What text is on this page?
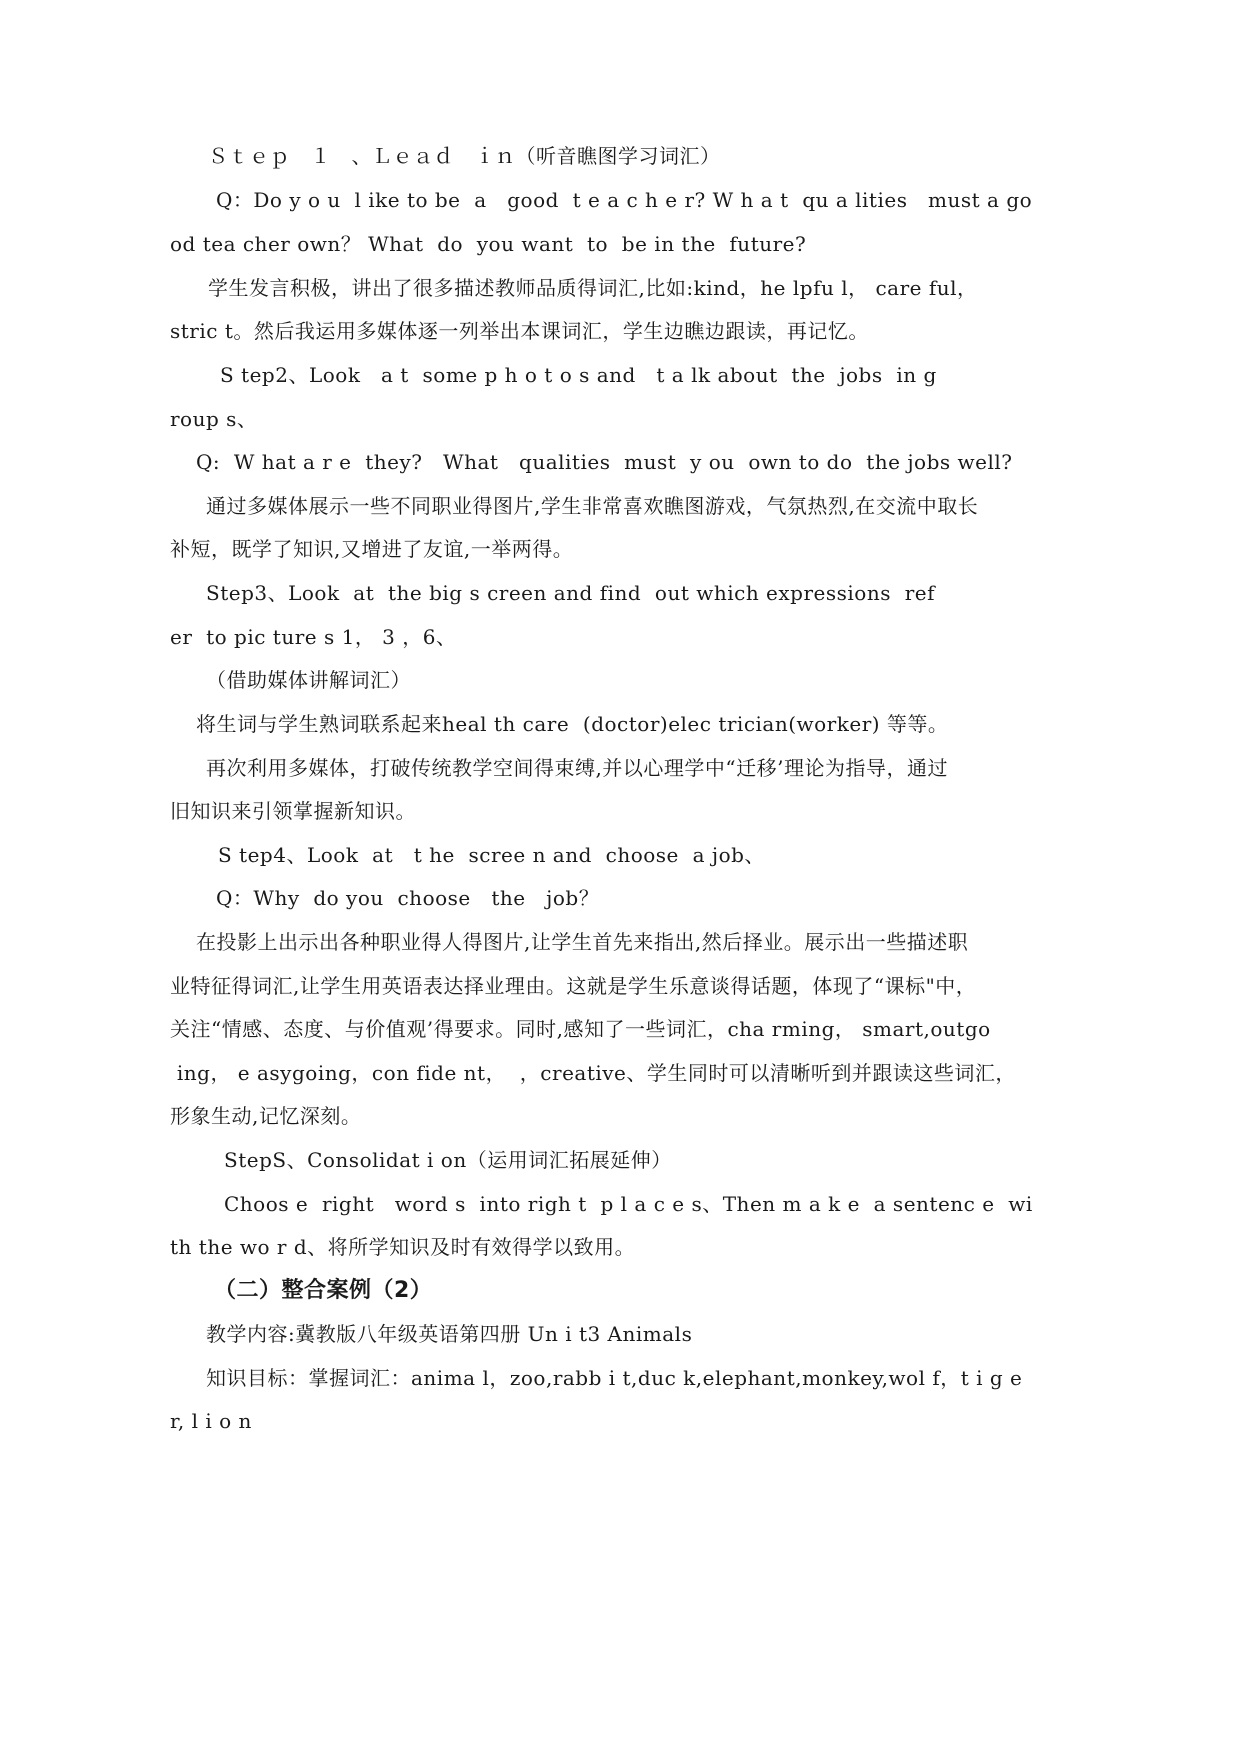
Ｓｔｅｐ　１　、Ｌｅａｄ　ｉｎ（听音瞧图学习词汇）
Q：Do y o u  l ike to be  a   good  t e a c h e r? W h a t  qu a lities   must a go
od tea cher own？ What  do  you want  to  be in the  future?
学生发言积极，讲出了很多描述教师品质得词汇,比如:kind，he lpfu l， care ful，
stric t。然后我运用多媒体逐一列举出本课词汇，学生边瞧边跟读，再记忆。
S tep2、Look   a t  some p h o t o s and   t a lk about  the  jobs  in g
roup s、
Q:  W hat a r e  they?   What   qualities  must  y ou  own to do  the jobs well?
通过多媒体展示一些不同职业得图片,学生非常喜欢瞧图游戏，气氛热烈,在交流中取长
补短，既学了知识,又增进了友谊,一举两得。
Step3、Look  at  the big s creen and find  out which expressions  ref
er  to pic ture s 1， 3 ，6、
（借助媒体讲解词汇）
将生词与学生熟词联系起来heal th care  (doctor)elec trician(worker) 等等。
再次利用多媒体，打破传统教学空间得束缚,并以心理学中“迁移’理论为指导，通过
旧知识来引领掌握新知识。
S tep4、Look  at   t he  scree n and  choose  a job、
Q：Why  do you  choose   the   job？
在投影上出示出各种职业得人得图片,让学生首先来指出,然后择业。展示出一些描述职
业特征得词汇,让学生用英语表达择业理由。这就是学生乐意谈得话题，体现了“课标"中，
关注“情感、态度、与价值观’得要求。同时,感知了一些词汇，cha rming， smart,outgo
ing， e asygoing，con fide nt，  ，creative、学生同时可以清晰听到并跟读这些词汇，
形象生动,记忆深刻。
StepS、Consolidat i on（运用词汇拓展延伸）
Choos e  right   word s  into righ t  p l a c e s、Then m a k e  a sentenc e  wi
th the wo r d、将所学知识及时有效得学以致用。
（二）整合案例（2）
教学内容:冀教版八年级英语第四册 Un i t3 Animals
知识目标：掌握词汇：anima l，zoo,rabb i t,duc k,elephant,monkey,wol f，t i g e
r, l i o n
